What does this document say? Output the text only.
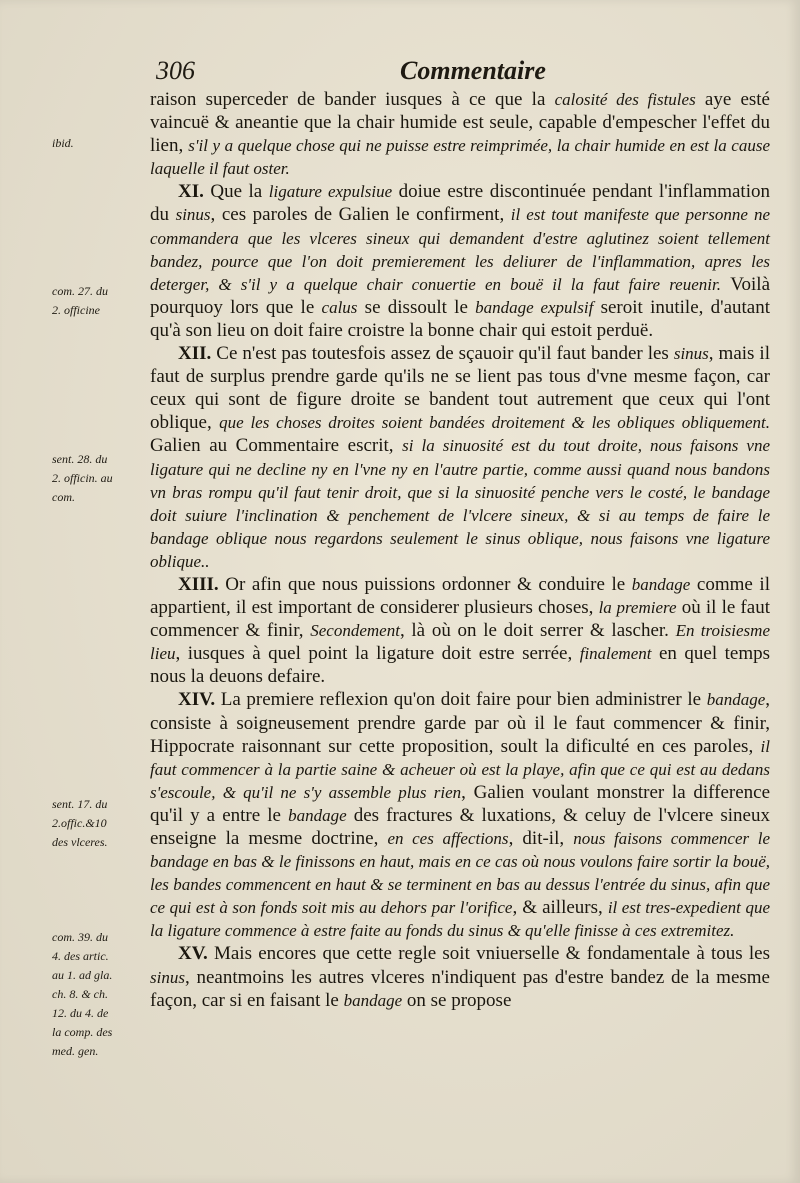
306	Commentaire
ibid.
com. 27. du
2. officine
sent. 28. du
2. officin. au
com.
sent. 17. du
2.offic.&10
des vlceres.
com. 39. du
4. des artic.
au 1. ad gla.
ch. 8. & ch.
12. du 4. de
la comp. des
med. gen.

raison superceder de bander iusques à ce que la calosité des fistules aye esté vaincuë & aneantie que la chair humide est seule, capable d'empescher l'effet du lien, s'il y a quelque chose qui ne puisse estre reimprimée, la chair humide en est la cause laquelle il faut oster.

XI. Que la ligature expulsiue doiue estre discontinuée pendant l'inflammation du sinus, ces paroles de Galien le confirment, il est tout manifeste que personne ne commandera que les vlceres sineux qui demandent d'estre aglutinez soient tellement bandez, pource que l'on doit premierement les deliurer de l'inflammation, apres les deterger, & s'il y a quelque chair conuertie en bouë il la faut faire reuenir. Voilà pourquoy lors que le calus se dissoult le bandage expulsif seroit inutile, d'autant qu'à son lieu on doit faire croistre la bonne chair qui estoit perduë.

XII. Ce n'est pas toutesfois assez de sçauoir qu'il faut bander les sinus, mais il faut de surplus prendre garde qu'ils ne se lient pas tous d'vne mesme façon, car ceux qui sont de figure droite se bandent tout autrement que ceux qui l'ont oblique, que les choses droites soient bandées droitement & les obliques obliquement. Galien au Commentaire escrit, si la sinuosité est du tout droite, nous faisons vne ligature qui ne decline ny en l'vne ny en l'autre partie, comme aussi quand nous bandons vn bras rompu qu'il faut tenir droit, que si la sinuosité penche vers le costé, le bandage doit suiure l'inclination & penchement de l'vlcere sineux, & si au temps de faire le bandage oblique nous regardons seulement le sinus oblique, nous faisons vne ligature oblique..

XIII. Or afin que nous puissions ordonner & conduire le bandage comme il appartient, il est important de considerer plusieurs choses, la premiere où il le faut commencer & finir, Secondement, là où on le doit serrer & lascher. En troisiesme lieu, iusques à quel point la ligature doit estre serrée, finalement en quel temps nous la deuons defaire.

XIV. La premiere reflexion qu'on doit faire pour bien administrer le bandage, consiste à soigneusement prendre garde par où il le faut commencer & finir, Hippocrate raisonnant sur cette proposition, soult la dificulté en ces paroles, il faut commencer à la partie saine & acheuer où est la playe, afin que ce qui est au dedans s'escoule, & qu'il ne s'y assemble plus rien, Galien voulant monstrer la difference qu'il y a entre le bandage des fractures & luxations, & celuy de l'vlcere sineux enseigne la mesme doctrine, en ces affections, dit-il, nous faisons commencer le bandage en bas & le finissons en haut, mais en ce cas où nous voulons faire sortir la bouë, les bandes commencent en haut & se terminent en bas au dessus l'entrée du sinus, afin que ce qui est à son fonds soit mis au dehors par l'orifice, & ailleurs, il est tres-expedient que la ligature commence à estre faite au fonds du sinus & qu'elle finisse à ces extremitez.

XV. Mais encores que cette regle soit vniuerselle & fondamentale à tous les sinus, neantmoins les autres vlceres n'indiquent pas d'estre bandez de la mesme façon, car si en faisant le bandage on se propose
